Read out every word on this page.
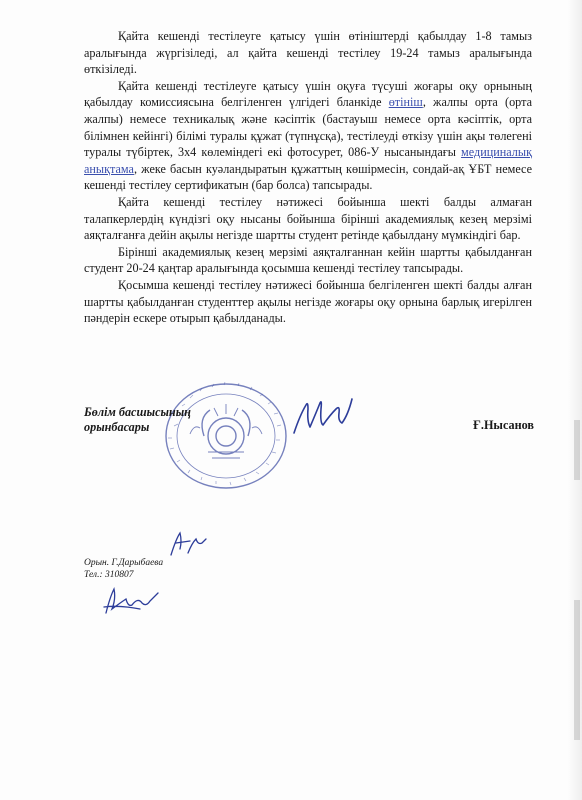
Қайта кешенді тестілеуге қатысу үшін өтініштерді қабылдау 1-8 тамыз аралығында жүргізіледі, ал қайта кешенді тестілеу 19-24 тамыз аралығында өткізіледі.

Қайта кешенді тестілеуге қатысу үшін оқуға түсуші жоғары оқу орнының қабылдау комиссиясына белгіленген үлгідегі бланкіде өтініш, жалпы орта (орта жалпы) немесе техникалық және кәсіптік (бастауыш немесе орта кәсіптік, орта білімнен кейінгі) білімі туралы құжат (түпнұсқа), тестілеуді өткізу үшін ақы төлегені туралы түбіртек, 3х4 көлеміндегі екі фотосурет, 086-У нысанындағы медициналық анықтама, жеке басын куәландыратын құжаттың көшірмесін, сондай-ақ ҰБТ немесе кешенді тестілеу сертификатын (бар болса) тапсырады.

Қайта кешенді тестілеу нәтижесі бойынша шекті балды алмаған талапкерлердің күндізгі оқу нысаны бойынша бірінші академиялық кезең мерзімі аяқталғанға дейін ақылы негізде шартты студент ретінде қабылдану мүмкіндігі бар.

Бірінші академиялық кезең мерзімі аяқталғаннан кейін шартты қабылданған студент 20-24 қаңтар аралығында қосымша кешенді тестілеу тапсырады.

Қосымша кешенді тестілеу нәтижесі бойынша белгіленген шекті балды алған шартты қабылданған студенттер ақылы негізде жоғары оқу орнына барлық игерілген пәндерін ескере отырып қабылданады.

Бөлім басшысының
орынбасары	Ғ.Нысанов
Орын. Г.Дарыбаева
Тел.: 310807
